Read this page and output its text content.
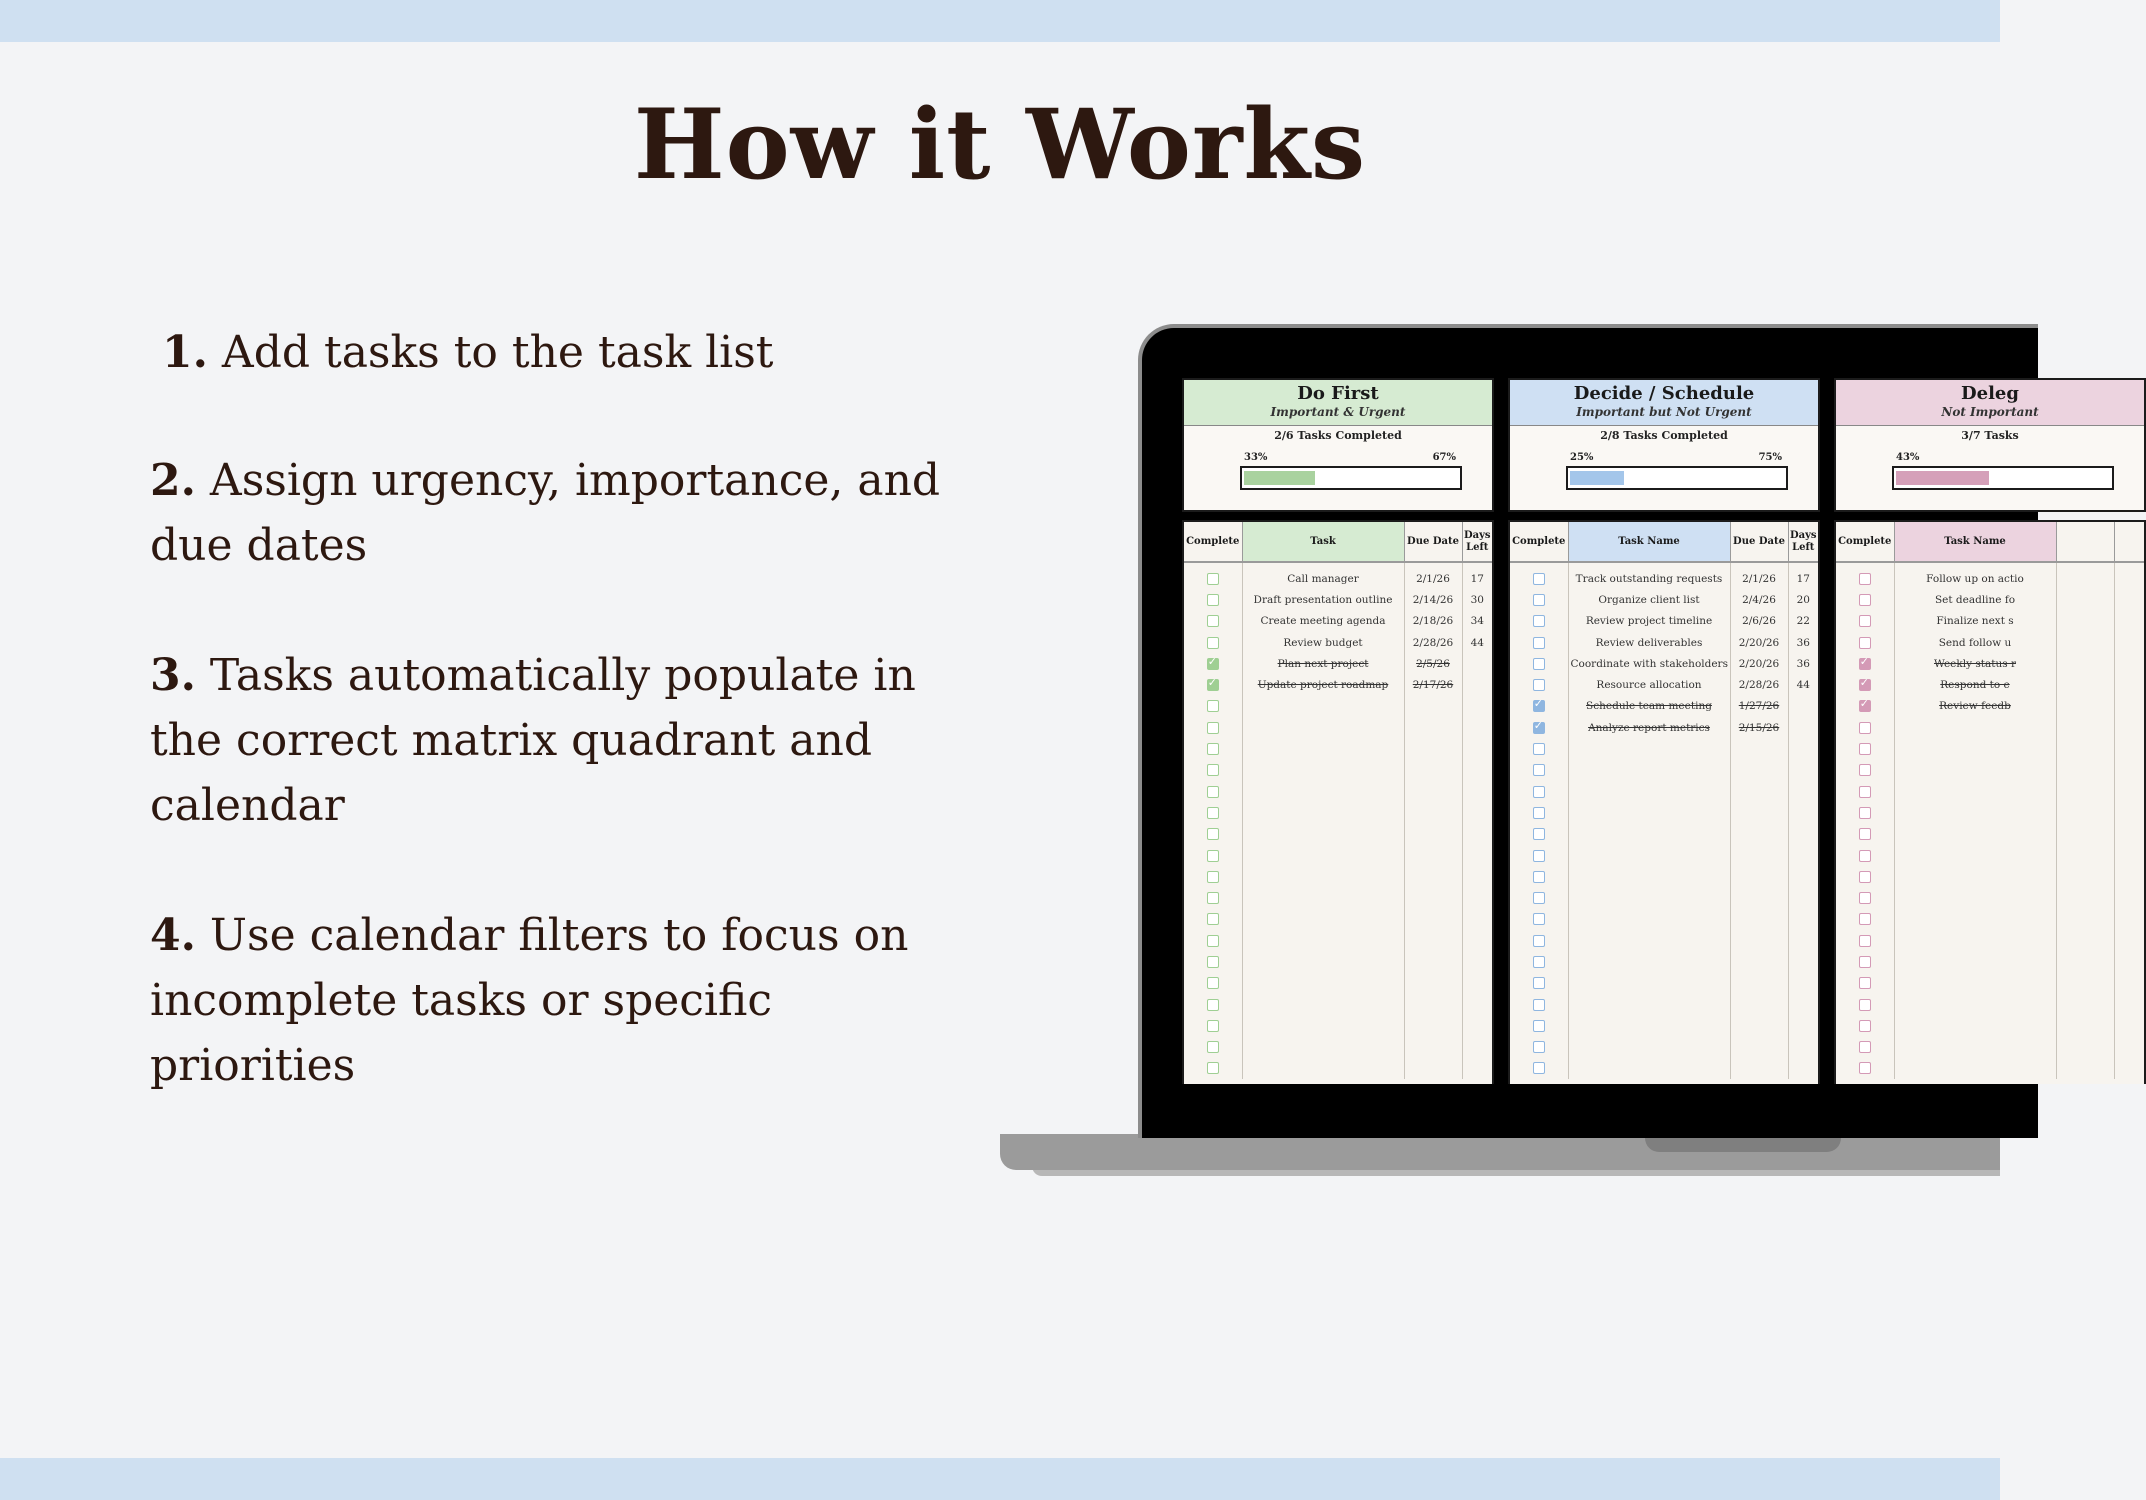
How it Works
1. Add tasks to the task list
2. Assign urgency, importance, and due dates
3. Tasks automatically populate in the correct matrix quadrant and calendar
4. Use calendar filters to focus on incomplete tasks or specific priorities
Do First
Important & Urgent
2/6 Tasks Completed
33%	67%
Complete	Task	Due Date	Days Left

	Call manager	2/1/26	17
	Draft presentation outline	2/14/26	30
	Create meeting agenda	2/18/26	34
	Review budget	2/28/26	44
✓	Plan next project	2/5/26	
✓	Update project roadmap	2/17/26	

Decide / Schedule
Important but Not Urgent
2/8 Tasks Completed
25%	75%
Complete	Task Name	Due Date	Days Left

	Track outstanding requests	2/1/26	17
	Organize client list	2/4/26	20
	Review project timeline	2/6/26	22
	Review deliverables	2/20/26	36
	Coordinate with stakeholders	2/20/26	36
	Resource allocation	2/28/26	44
✓	Schedule team meeting	1/27/26	
✓	Analyze report metrics	2/15/26	

Deleg
Not Important
3/7 Tasks
43%
Complete	Task Name		

	Follow up on actio		
	Set deadline fo		
	Finalize next s		
	Send follow u		
✓	Weekly status r		
✓	Respond to e		
✓	Review feedb		
